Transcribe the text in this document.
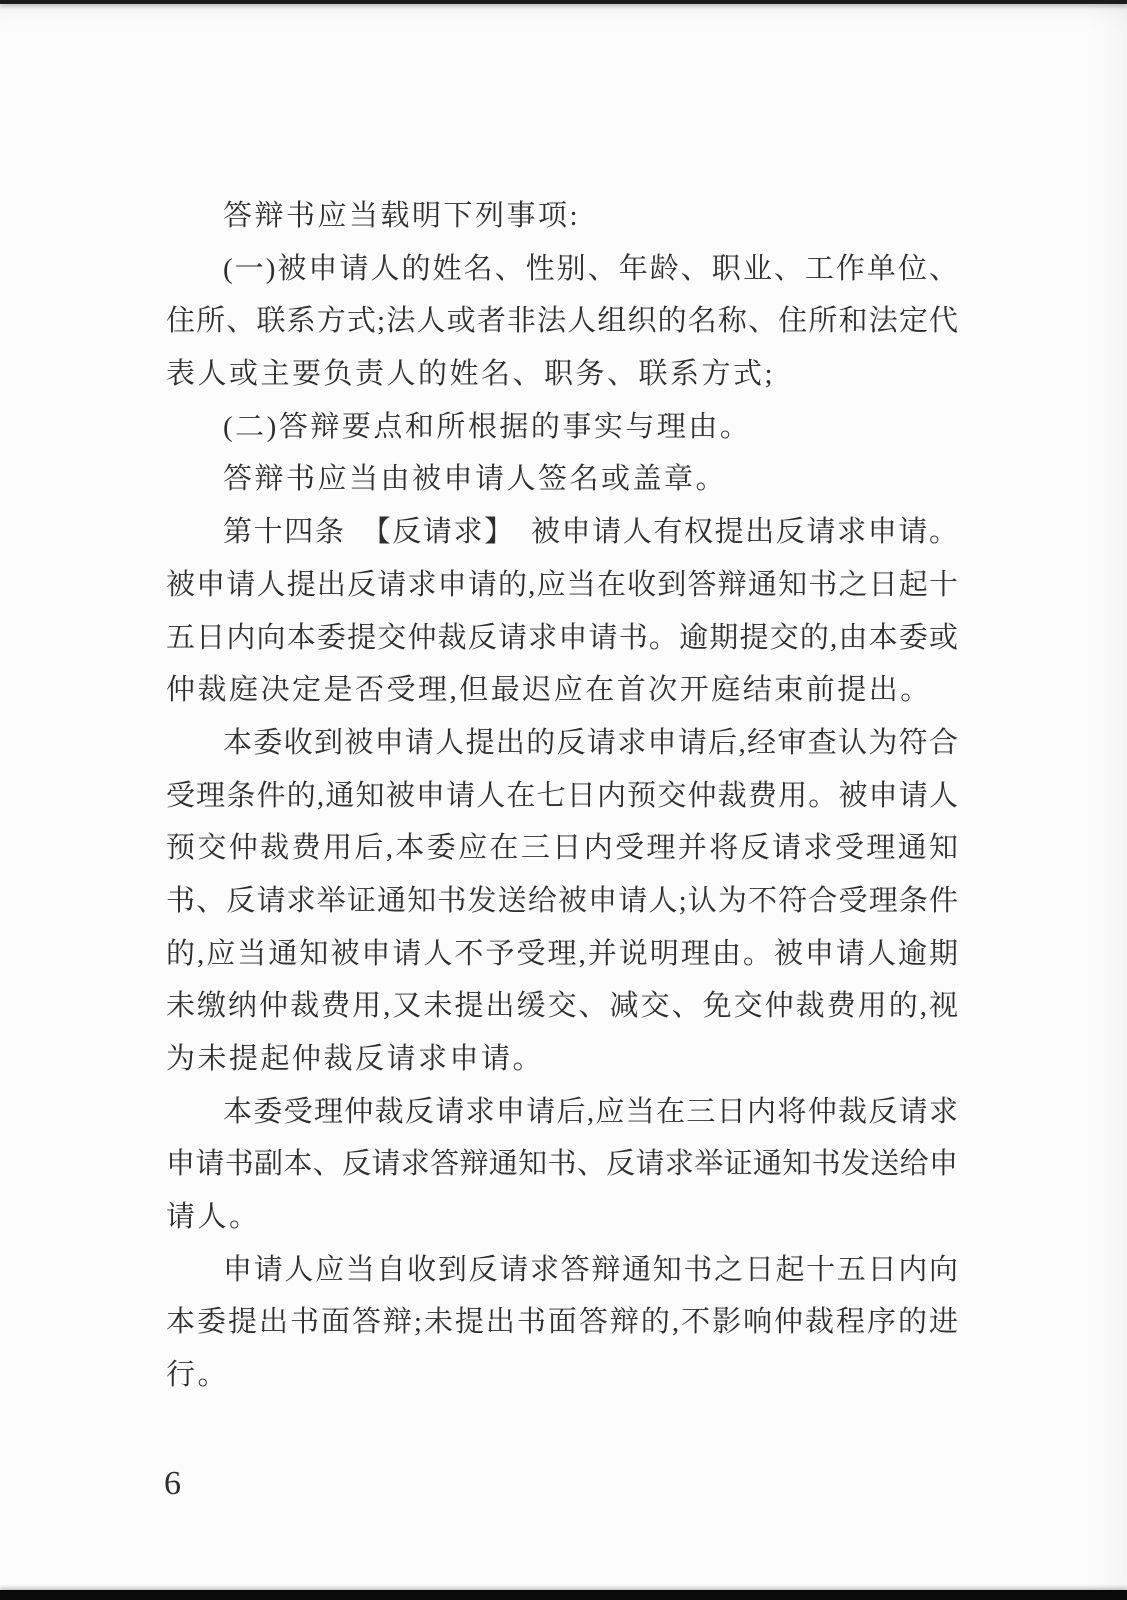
答辩书应当载明下列事项:
(一)被申请人的姓名、性别、年龄、职业、工作单位、
住所、联系方式;法人或者非法人组织的名称、住所和法定代
表人或主要负责人的姓名、职务、联系方式;
(二)答辩要点和所根据的事实与理由。
答辩书应当由被申请人签名或盖章。
第十四条　【反请求】　被申请人有权提出反请求申请。
被申请人提出反请求申请的,应当在收到答辩通知书之日起十
五日内向本委提交仲裁反请求申请书。逾期提交的,由本委或
仲裁庭决定是否受理,但最迟应在首次开庭结束前提出。
本委收到被申请人提出的反请求申请后,经审查认为符合
受理条件的,通知被申请人在七日内预交仲裁费用。被申请人
预交仲裁费用后,本委应在三日内受理并将反请求受理通知
书、反请求举证通知书发送给被申请人;认为不符合受理条件
的,应当通知被申请人不予受理,并说明理由。被申请人逾期
未缴纳仲裁费用,又未提出缓交、减交、免交仲裁费用的,视
为未提起仲裁反请求申请。
本委受理仲裁反请求申请后,应当在三日内将仲裁反请求
申请书副本、反请求答辩通知书、反请求举证通知书发送给申
请人。
申请人应当自收到反请求答辩通知书之日起十五日内向
本委提出书面答辩;未提出书面答辩的,不影响仲裁程序的进
行。
6
